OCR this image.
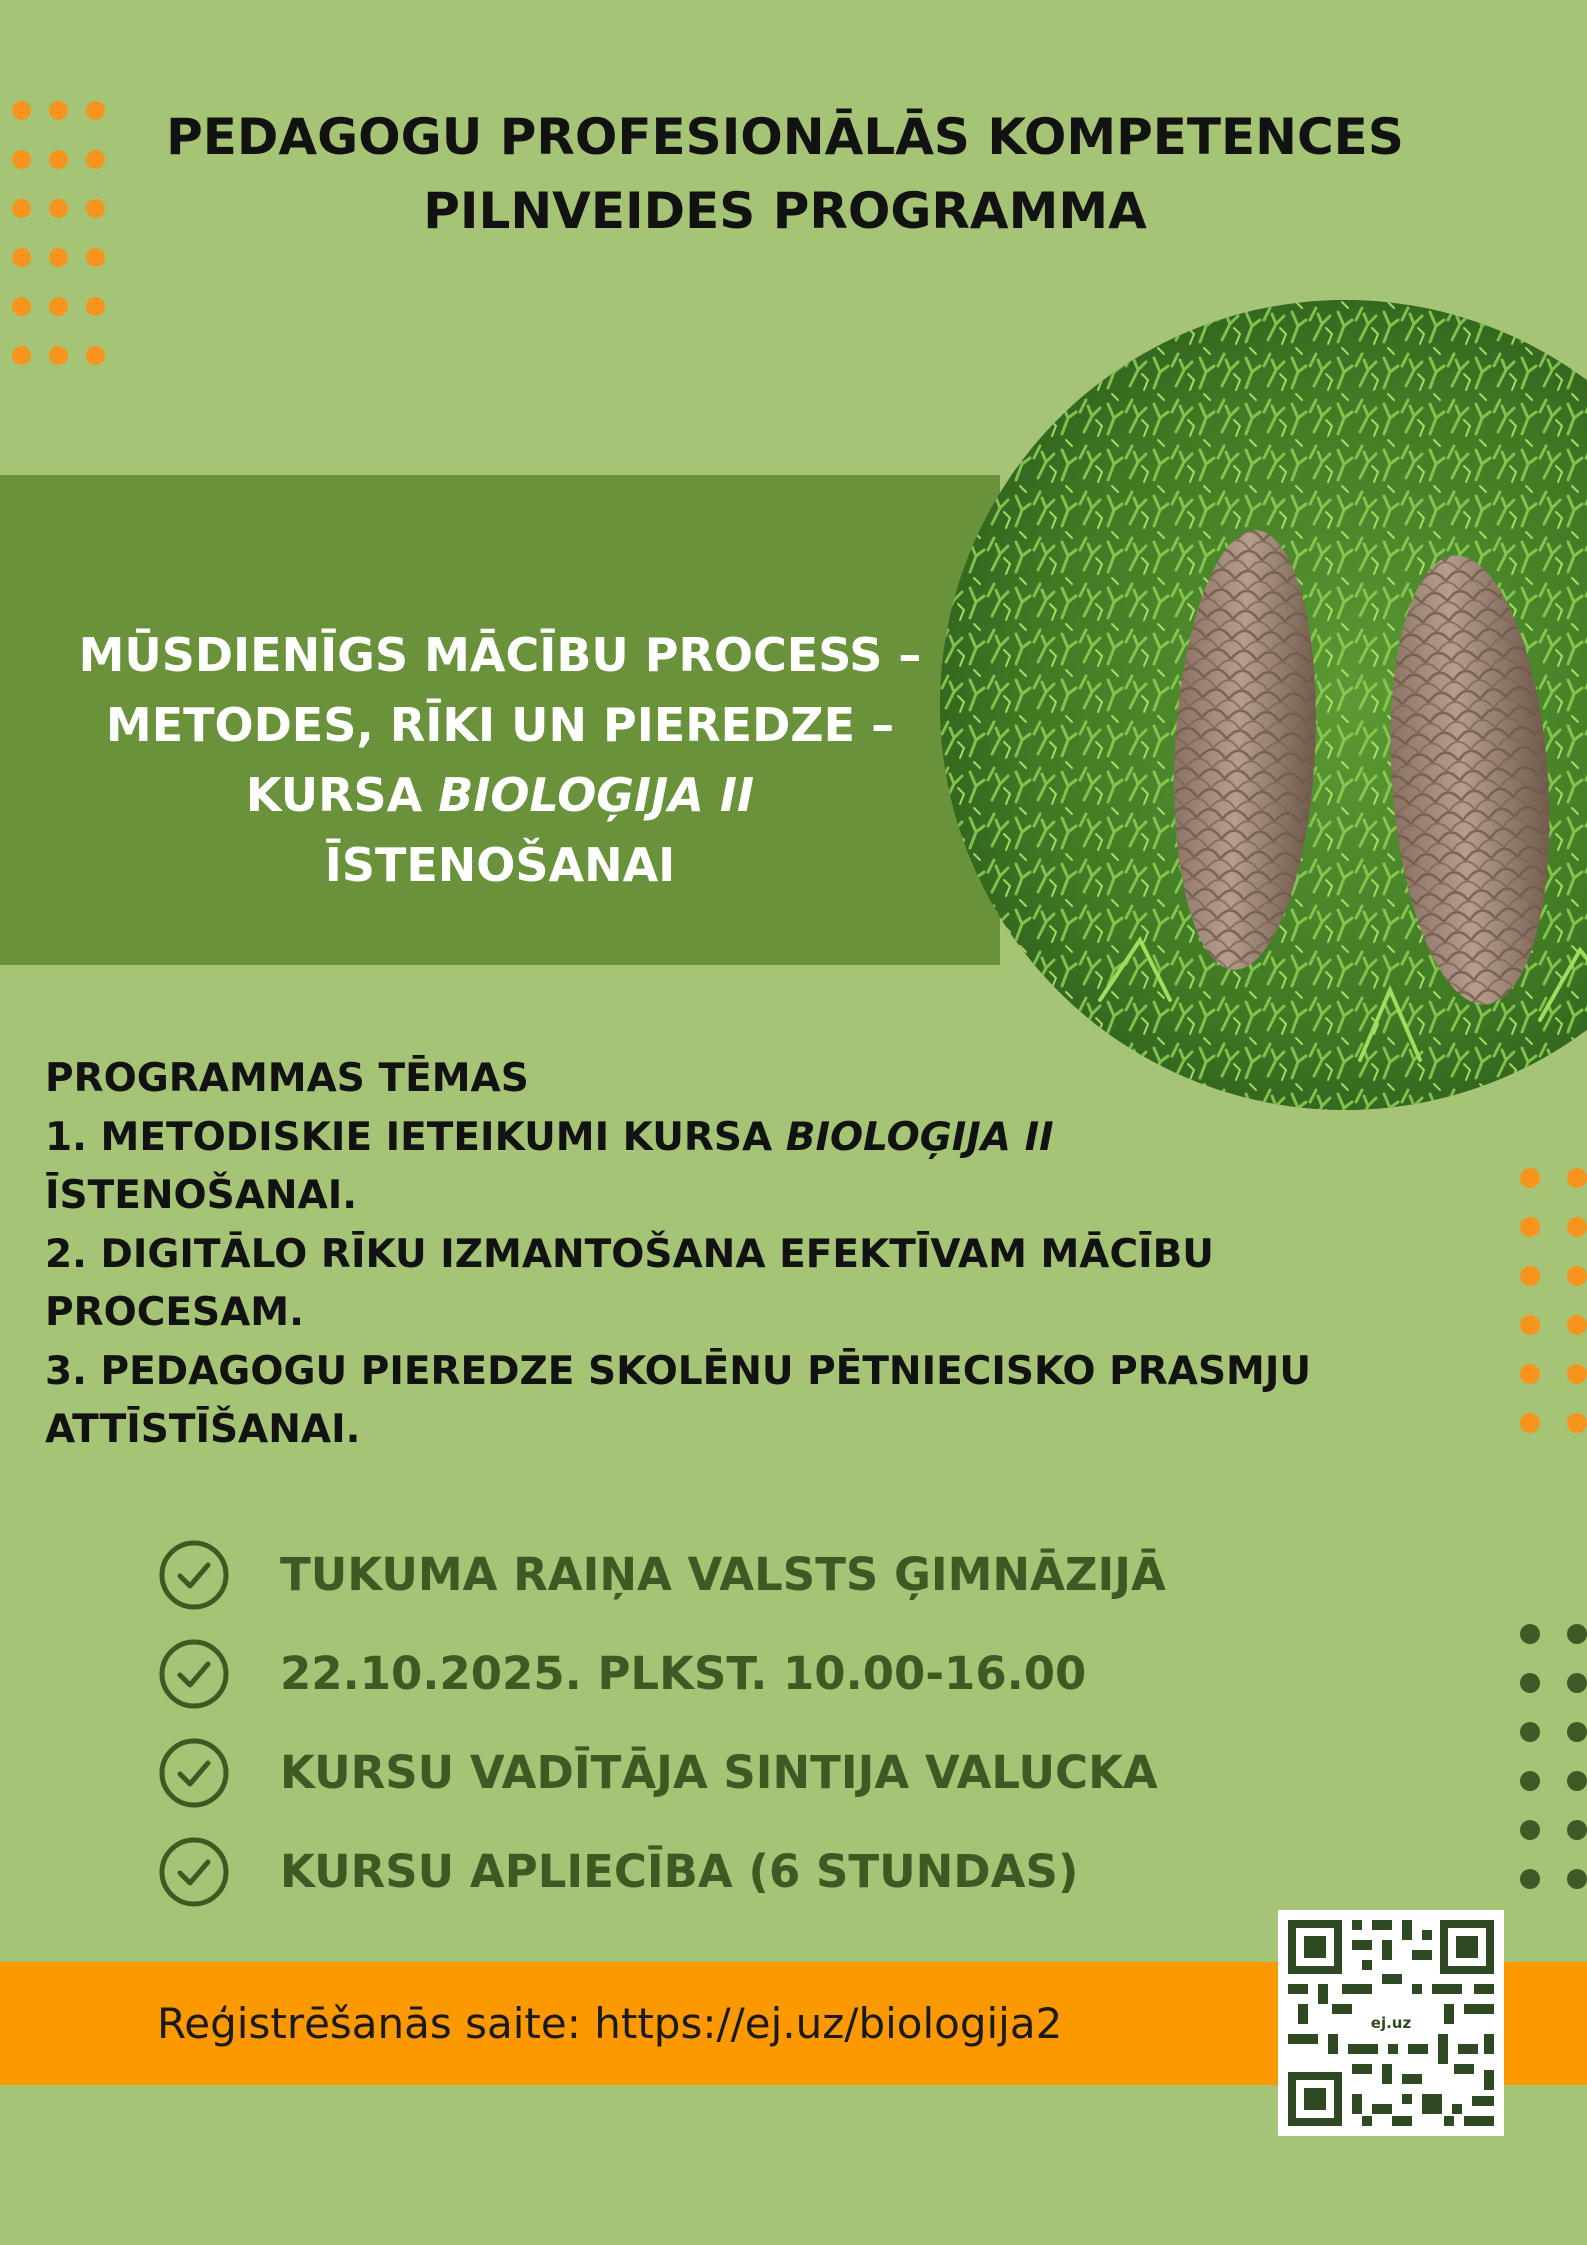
PEDAGOGU PROFESIONĀLĀS KOMPETENCES
PILNVEIDES PROGRAMMA
MŪSDIENĪGS MĀCĪBU PROCESS –
METODES, RĪKI UN PIEREDZE –
KURSA BIOLOĢIJA II
ĪSTENOŠANAI

PROGRAMMAS TĒMAS

1. METODISKIE IETEIKUMI KURSA BIOLOĢIJA II
ĪSTENOŠANAI.

2. DIGITĀLO RĪKU IZMANTOŠANA EFEKTĪVAM MĀCĪBU
PROCESAM.

3. PEDAGOGU PIEREDZE SKOLĒNU PĒTNIECISKO PRASMJU
ATTĪSTĪŠANAI.

TUKUMA RAIŅA VALSTS ĢIMNĀZIJĀ
22.10.2025. PLKST. 10.00-16.00
KURSU VADĪTĀJA SINTIJA VALUCKA
KURSU APLIECĪBA (6 STUNDAS)
Reģistrēšanās saite: https://ej.uz/biologija2	ej.uz
